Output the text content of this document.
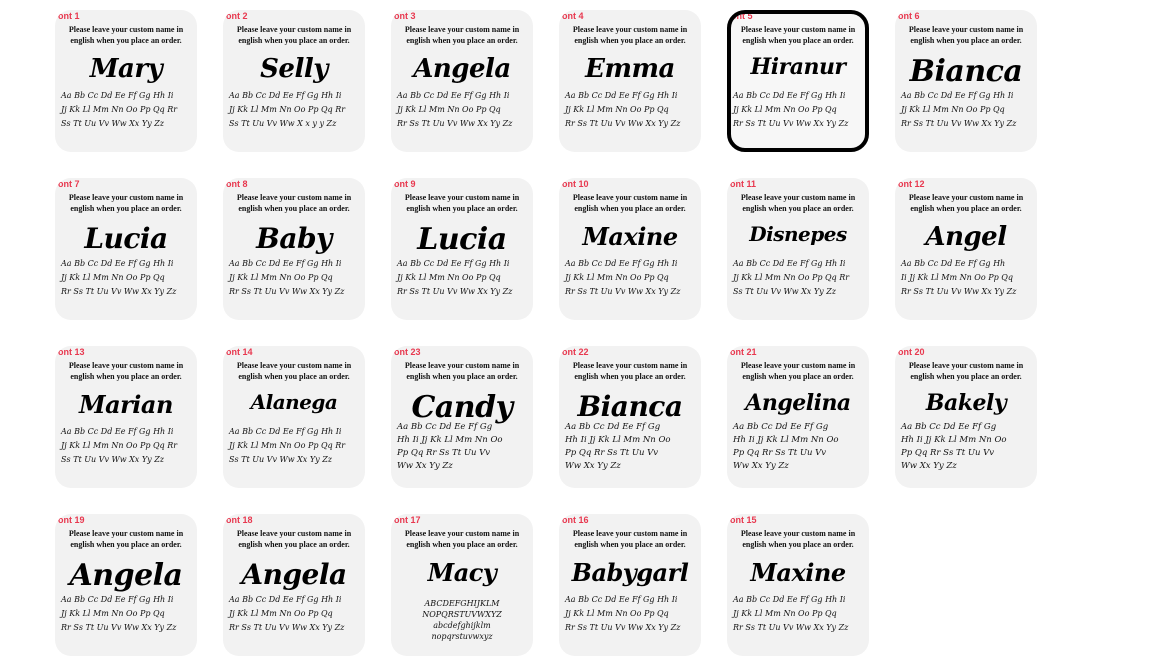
ont 1
Please leave your custom name in
english when you place an order.
Mary
Aa Bb Cc Dd Ee Ff Gg Hh Ii
Jj Kk Ll Mm Nn Oo Pp Qq Rr
Ss Tt Uu Vv Ww Xx Yy Zz
ont 2
Please leave your custom name in
english when you place an order.
Selly
Aa Bb Cc Dd Ee Ff Gg Hh Ii
Jj Kk Ll Mm Nn Oo Pp Qq Rr
Ss Tt Uu Vv Ww X x y y Zz
ont 3
Please leave your custom name in
english when you place an order.
Angela
Aa Bb Cc Dd Ee Ff Gg Hh Ii
Jj Kk Ll Mm Nn Oo Pp Qq
Rr Ss Tt Uu Vv Ww Xx Yy Zz
ont 4
Please leave your custom name in
english when you place an order.
Emma
Aa Bb Cc Dd Ee Ff Gg Hh Ii
Jj Kk Ll Mm Nn Oo Pp Qq
Rr Ss Tt Uu Vv Ww Xx Yy Zz
ont 5
Please leave your custom name in
english when you place an order.
Hiranur
Aa Bb Cc Dd Ee Ff Gg Hh Ii
Jj Kk Ll Mm Nn Oo Pp Qq
Rr Ss Tt Uu Vv Ww Xx Yy Zz
ont 6
Please leave your custom name in
english when you place an order.
Bianca
Aa Bb Cc Dd Ee Ff Gg Hh Ii
Jj Kk Ll Mm Nn Oo Pp Qq
Rr Ss Tt Uu Vv Ww Xx Yy Zz
ont 7
Please leave your custom name in
english when you place an order.
Lucia
Aa Bb Cc Dd Ee Ff Gg Hh Ii
Jj Kk Ll Mm Nn Oo Pp Qq
Rr Ss Tt Uu Vv Ww Xx Yy Zz
ont 8
Please leave your custom name in
english when you place an order.
Baby
Aa Bb Cc Dd Ee Ff Gg Hh Ii
Jj Kk Ll Mm Nn Oo Pp Qq
Rr Ss Tt Uu Vv Ww Xx Yy Zz
ont 9
Please leave your custom name in
english when you place an order.
Lucia
Aa Bb Cc Dd Ee Ff Gg Hh Ii
Jj Kk Ll Mm Nn Oo Pp Qq
Rr Ss Tt Uu Vv Ww Xx Yy Zz
ont 10
Please leave your custom name in
english when you place an order.
Maxine
Aa Bb Cc Dd Ee Ff Gg Hh Ii
Jj Kk Ll Mm Nn Oo Pp Qq
Rr Ss Tt Uu Vv Ww Xx Yy Zz
ont 11
Please leave your custom name in
english when you place an order.
Disnepes
Aa Bb Cc Dd Ee Ff Gg Hh Ii
Jj Kk Ll Mm Nn Oo Pp Qq Rr
Ss Tt Uu Vv Ww Xx Yy Zz
ont 12
Please leave your custom name in
english when you place an order.
Angel
Aa Bb Cc Dd Ee Ff Gg Hh
Ii Jj Kk Ll Mm Nn Oo Pp Qq
Rr Ss Tt Uu Vv Ww Xx Yy Zz
ont 13
Please leave your custom name in
english when you place an order.
Marian
Aa Bb Cc Dd Ee Ff Gg Hh Ii
Jj Kk Ll Mm Nn Oo Pp Qq Rr
Ss Tt Uu Vv Ww Xx Yy Zz
ont 14
Please leave your custom name in
english when you place an order.
Alanega
Aa Bb Cc Dd Ee Ff Gg Hh Ii
Jj Kk Ll Mm Nn Oo Pp Qq Rr
Ss Tt Uu Vv Ww Xx Yy Zz
ont 23
Please leave your custom name in
english when you place an order.
Candy
Aa Bb Cc Dd Ee Ff Gg
Hh Ii Jj Kk Ll Mm Nn Oo
Pp Qq Rr Ss Tt Uu Vv
Ww Xx Yy Zz
ont 22
Please leave your custom name in
english when you place an order.
Bianca
Aa Bb Cc Dd Ee Ff Gg
Hh Ii Jj Kk Ll Mm Nn Oo
Pp Qq Rr Ss Tt Uu Vv
Ww Xx Yy Zz
ont 21
Please leave your custom name in
english when you place an order.
Angelina
Aa Bb Cc Dd Ee Ff Gg
Hh Ii Jj Kk Ll Mm Nn Oo
Pp Qq Rr Ss Tt Uu Vv
Ww Xx Yy Zz
ont 20
Please leave your custom name in
english when you place an order.
Bakely
Aa Bb Cc Dd Ee Ff Gg
Hh Ii Jj Kk Ll Mm Nn Oo
Pp Qq Rr Ss Tt Uu Vv
Ww Xx Yy Zz
ont 19
Please leave your custom name in
english when you place an order.
Angela
Aa Bb Cc Dd Ee Ff Gg Hh Ii
Jj Kk Ll Mm Nn Oo Pp Qq
Rr Ss Tt Uu Vv Ww Xx Yy Zz
ont 18
Please leave your custom name in
english when you place an order.
Angela
Aa Bb Cc Dd Ee Ff Gg Hh Ii
Jj Kk Ll Mm Nn Oo Pp Qq
Rr Ss Tt Uu Vv Ww Xx Yy Zz
ont 17
Please leave your custom name in
english when you place an order.
Macy
ABCDEFGHIJKLM
NOPQRSTUVWXYZ
abcdefghijklm
nopqrstuvwxyz
ont 16
Please leave your custom name in
english when you place an order.
Babygarl
Aa Bb Cc Dd Ee Ff Gg Hh Ii
Jj Kk Ll Mm Nn Oo Pp Qq
Rr Ss Tt Uu Vv Ww Xx Yy Zz
ont 15
Please leave your custom name in
english when you place an order.
Maxine
Aa Bb Cc Dd Ee Ff Gg Hh Ii
Jj Kk Ll Mm Nn Oo Pp Qq
Rr Ss Tt Uu Vv Ww Xx Yy Zz
